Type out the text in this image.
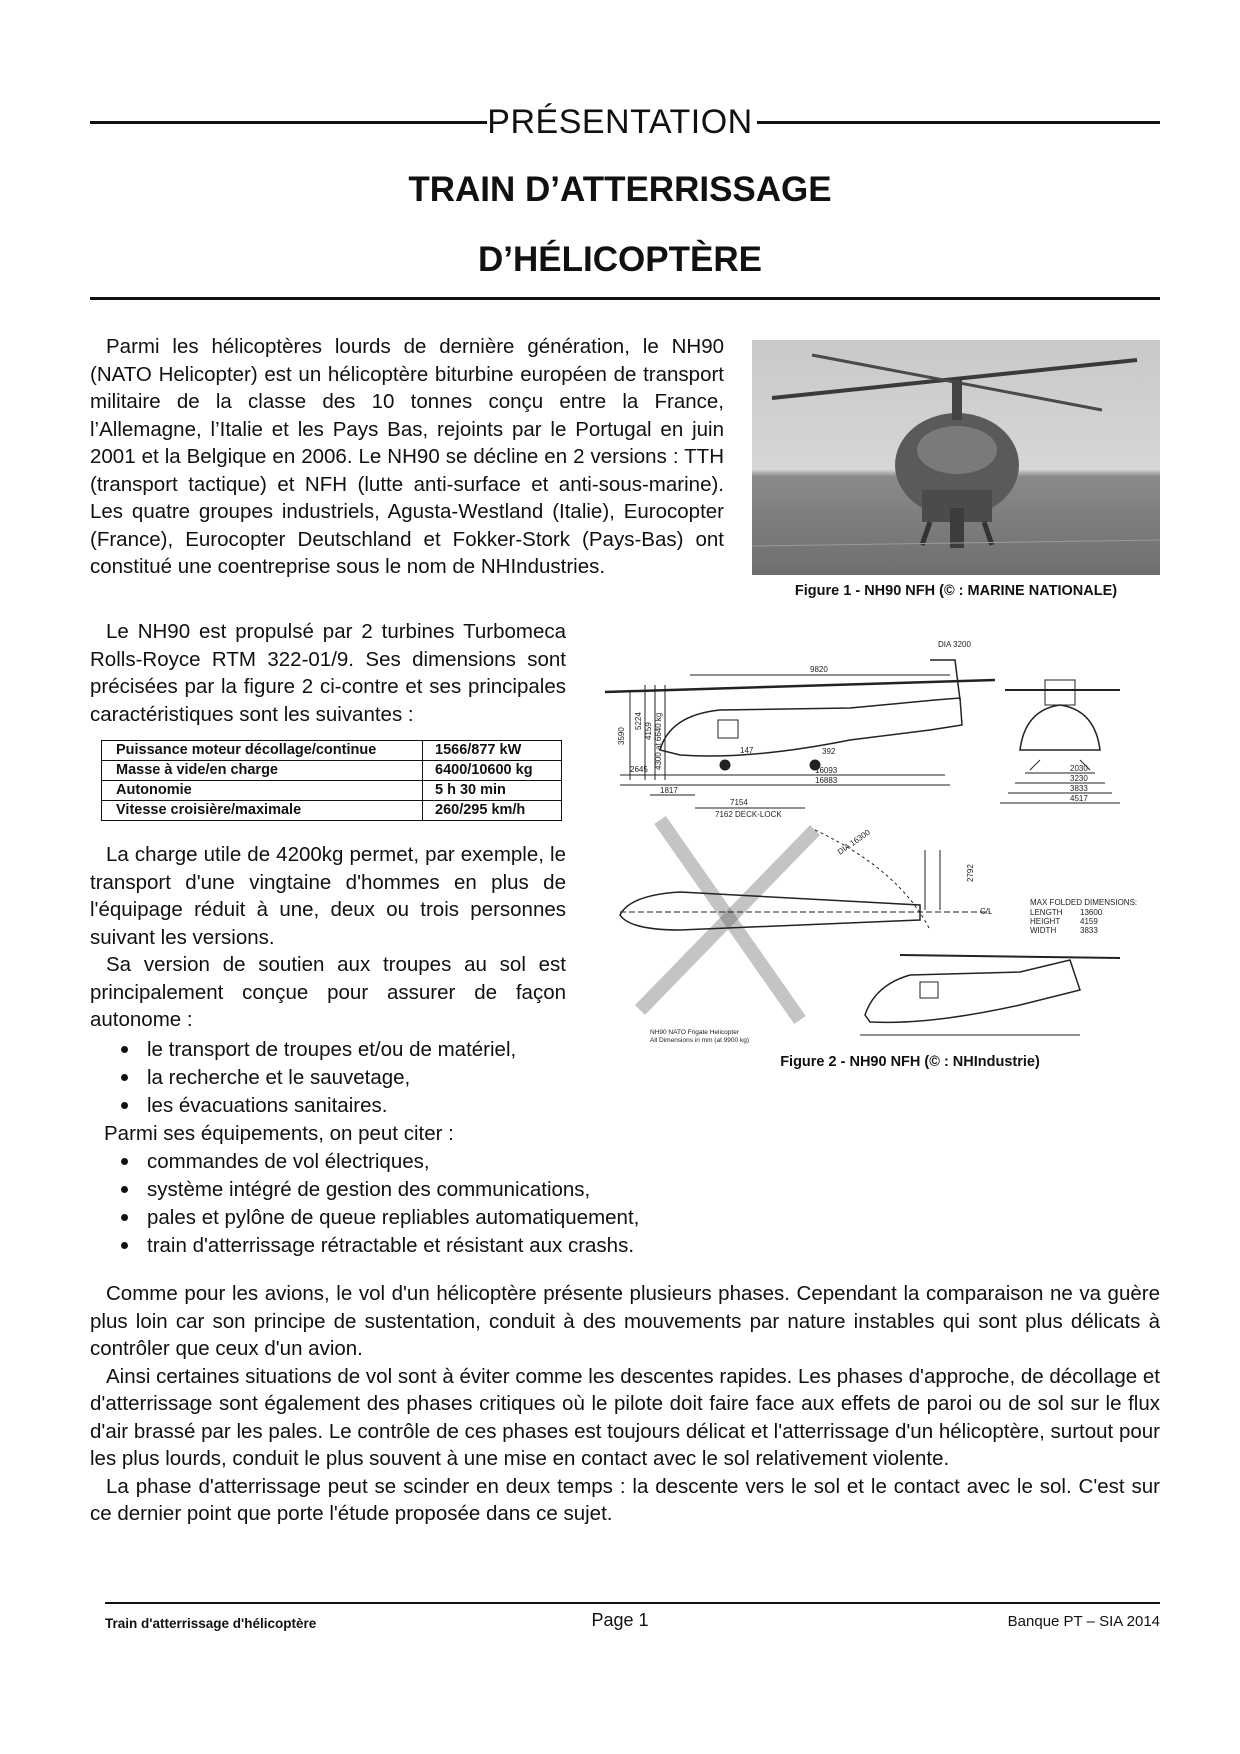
PRÉSENTATION
TRAIN D’ATTERRISSAGE
D’HÉLICOPTÈRE

Parmi les hélicoptères lourds de dernière génération, le NH90 (NATO Helicopter) est un hélicoptère biturbine européen de transport militaire de la classe des 10 tonnes conçu entre la France, l’Allemagne, l’Italie et les Pays Bas, rejoints par le Portugal en juin 2001 et la Belgique en 2006. Le NH90 se décline en 2 versions : TTH (transport tactique) et NFH (lutte anti-surface et anti-sous-marine). Les quatre groupes industriels, Agusta-Westland (Italie), Eurocopter (France), Eurocopter Deutschland et Fokker-Stork (Pays-Bas) ont constitué une coentreprise sous le nom de NHIndustries.

Figure 1 - NH90 NFH (© : MARINE NATIONALE)

Le NH90 est propulsé par 2 turbines Turbomeca Rolls-Royce RTM 322-01/9. Ses dimensions sont précisées par la figure 2 ci-contre et ses principales caractéristiques sont les suivantes :

Puissance moteur décollage/continue	1566/877 kW
Masse à vide/en charge	6400/10600 kg
Autonomie	5 h 30 min
Vitesse croisière/maximale	260/295 km/h
9820
DIA 3200
3590
5224
4159 4300 at 6640 kg	147	392
2645	16093
16883
1817
7154
7162 DECK-LOCK
2030
3230
3833
4517
DIA 16300
2792
C/L
MAX FOLDED DIMENSIONS:
LENGTH 13600
HEIGHT 4159
WIDTH	3833
NH90 NATO Frigate Helicopter
All Dimensions in mm (at 9900 kg)
Figure 2 - NH90 NFH (© : NHIndustrie)

La charge utile de 4200kg permet, par exemple, le transport d'une vingtaine d'hommes en plus de l'équipage réduit à une, deux ou trois personnes suivant les versions.

Sa version de soutien aux troupes au sol est principalement conçue pour assurer de façon autonome :

le transport de troupes et/ou de matériel,
la recherche et le sauvetage,
les évacuations sanitaires.
Parmi ses équipements, on peut citer :
commandes de vol électriques,
système intégré de gestion des communications,
pales et pylône de queue repliables automatiquement,
train d'atterrissage rétractable et résistant aux crashs.

Comme pour les avions, le vol d'un hélicoptère présente plusieurs phases. Cependant la comparaison ne va guère plus loin car son principe de sustentation, conduit à des mouvements par nature instables qui sont plus délicats à contrôler que ceux d'un avion.

Ainsi certaines situations de vol sont à éviter comme les descentes rapides. Les phases d'approche, de décollage et d'atterrissage sont également des phases critiques où le pilote doit faire face aux effets de paroi ou de sol sur le flux d'air brassé par les pales. Le contrôle de ces phases est toujours délicat et l'atterrissage d'un hélicoptère, surtout pour les plus lourds, conduit le plus souvent à une mise en contact avec le sol relativement violente.

La phase d'atterrissage peut se scinder en deux temps : la descente vers le sol et le contact avec le sol. C'est sur ce dernier point que porte l'étude proposée dans ce sujet.

Train d'atterrissage d'hélicoptère	Page 1	Banque PT – SIA 2014
